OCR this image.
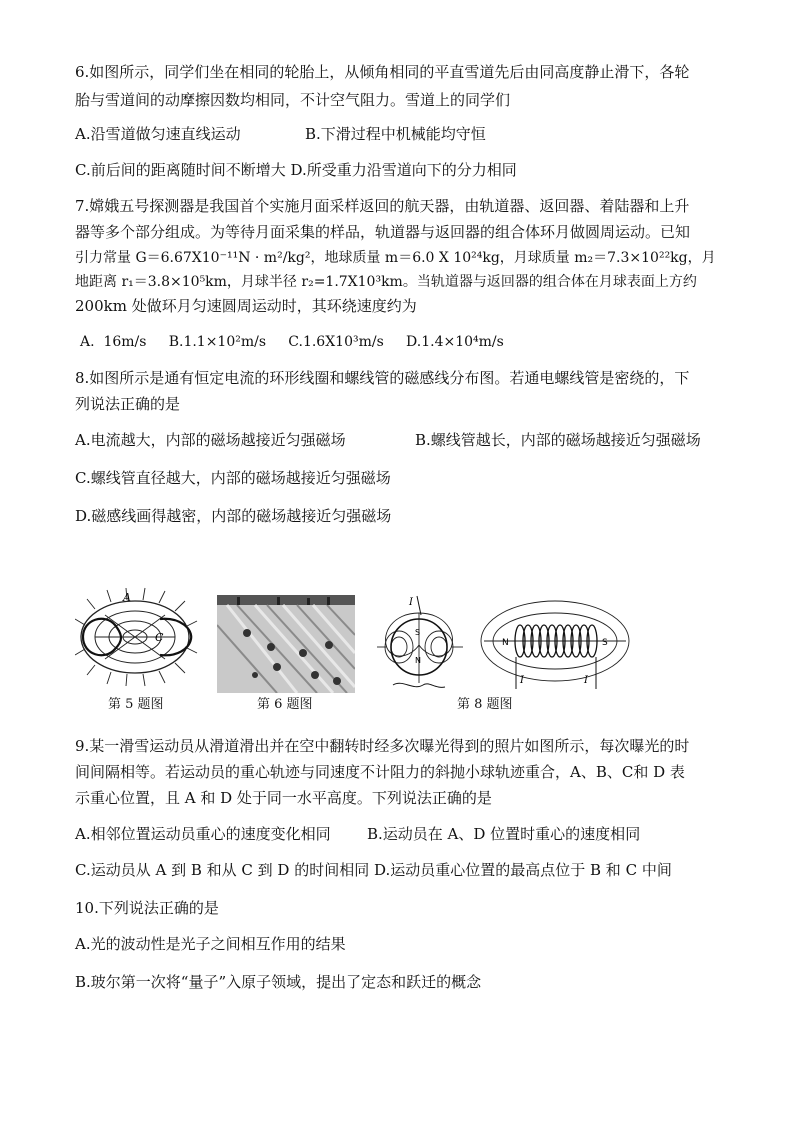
6.如图所示，同学们坐在相同的轮胎上，从倾角相同的平直雪道先后由同高度静止滑下，各轮
胎与雪道间的动摩擦因数均相同，不计空气阻力。雪道上的同学们
A.沿雪道做匀速直线运动	B.下滑过程中机械能均守恒
C.前后间的距离随时间不断增大 D.所受重力沿雪道向下的分力相同
7.嫦娥五号探测器是我国首个实施月面采样返回的航天器，由轨道器、返回器、着陆器和上升
器等多个部分组成。为等待月面采集的样品，轨道器与返回器的组合体环月做圆周运动。已知
引力常量 G＝6.67X10⁻¹¹N · m²/kg²，地球质量 m＝6.0 X 10²⁴kg，月球质量 m₂＝7.3×10²²kg，月
地距离 r₁＝3.8×10⁵km，月球半径 r₂=1.7X10³km。当轨道器与返回器的组合体在月球表面上方约
200km 处做环月匀速圆周运动时，其环绕速度约为
A.  16m/s     B.1.1×10²m/s     C.1.6X10³m/s     D.1.4×10⁴m/s
8.如图所示是通有恒定电流的环形线圈和螺线管的磁感线分布图。若通电螺线管是密绕的，下
列说法正确的是
A.电流越大，内部的磁场越接近匀强磁场	B.螺线管越长，内部的磁场越接近匀强磁场
C.螺线管直径越大，内部的磁场越接近匀强磁场
D.磁感线画得越密，内部的磁场越接近匀强磁场
A
C
I
S
N
N	S
I	I
第 5 题图	第 6 题图	第 8 题图
9.某一滑雪运动员从滑道滑出并在空中翻转时经多次曝光得到的照片如图所示，每次曝光的时
间间隔相等。若运动员的重心轨迹与同速度不计阻力的斜抛小球轨迹重合，A、B、C和 D 表
示重心位置，且 A 和 D 处于同一水平高度。下列说法正确的是
A.相邻位置运动员重心的速度变化相同 B.运动员在 A、D 位置时重心的速度相同
C.运动员从 A 到 B 和从 C 到 D 的时间相同 D.运动员重心位置的最高点位于 B 和 C 中间
10.下列说法正确的是
A.光的波动性是光子之间相互作用的结果
B.玻尔第一次将“量子”入原子领域，提出了定态和跃迁的概念
